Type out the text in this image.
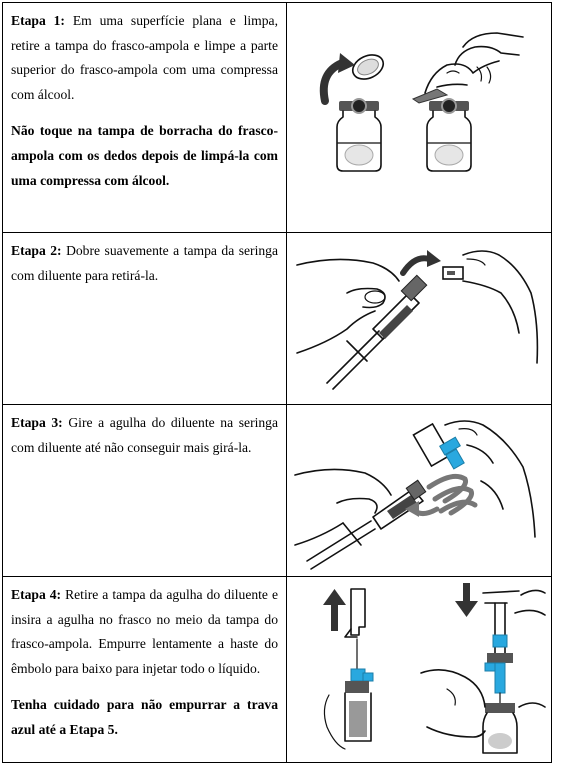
Etapa 1: Em uma superfície plana e limpa, retire a tampa do frasco-ampola e limpe a parte superior do frasco-ampola com uma compressa com álcool.

Não toque na tampa de borracha do frasco-ampola com os dedos depois de limpá-la com uma compressa com álcool.

Etapa 2: Dobre suavemente a tampa da seringa com diluente para retirá-la.

Etapa 3: Gire a agulha do diluente na seringa com diluente até não conseguir mais girá-la.

Etapa 4: Retire a tampa da agulha do diluente e insira a agulha no frasco no meio da tampa do frasco-ampola. Empurre lentamente a haste do êmbolo para baixo para injetar todo o líquido.

Tenha cuidado para não empurrar a trava azul até a Etapa 5.
